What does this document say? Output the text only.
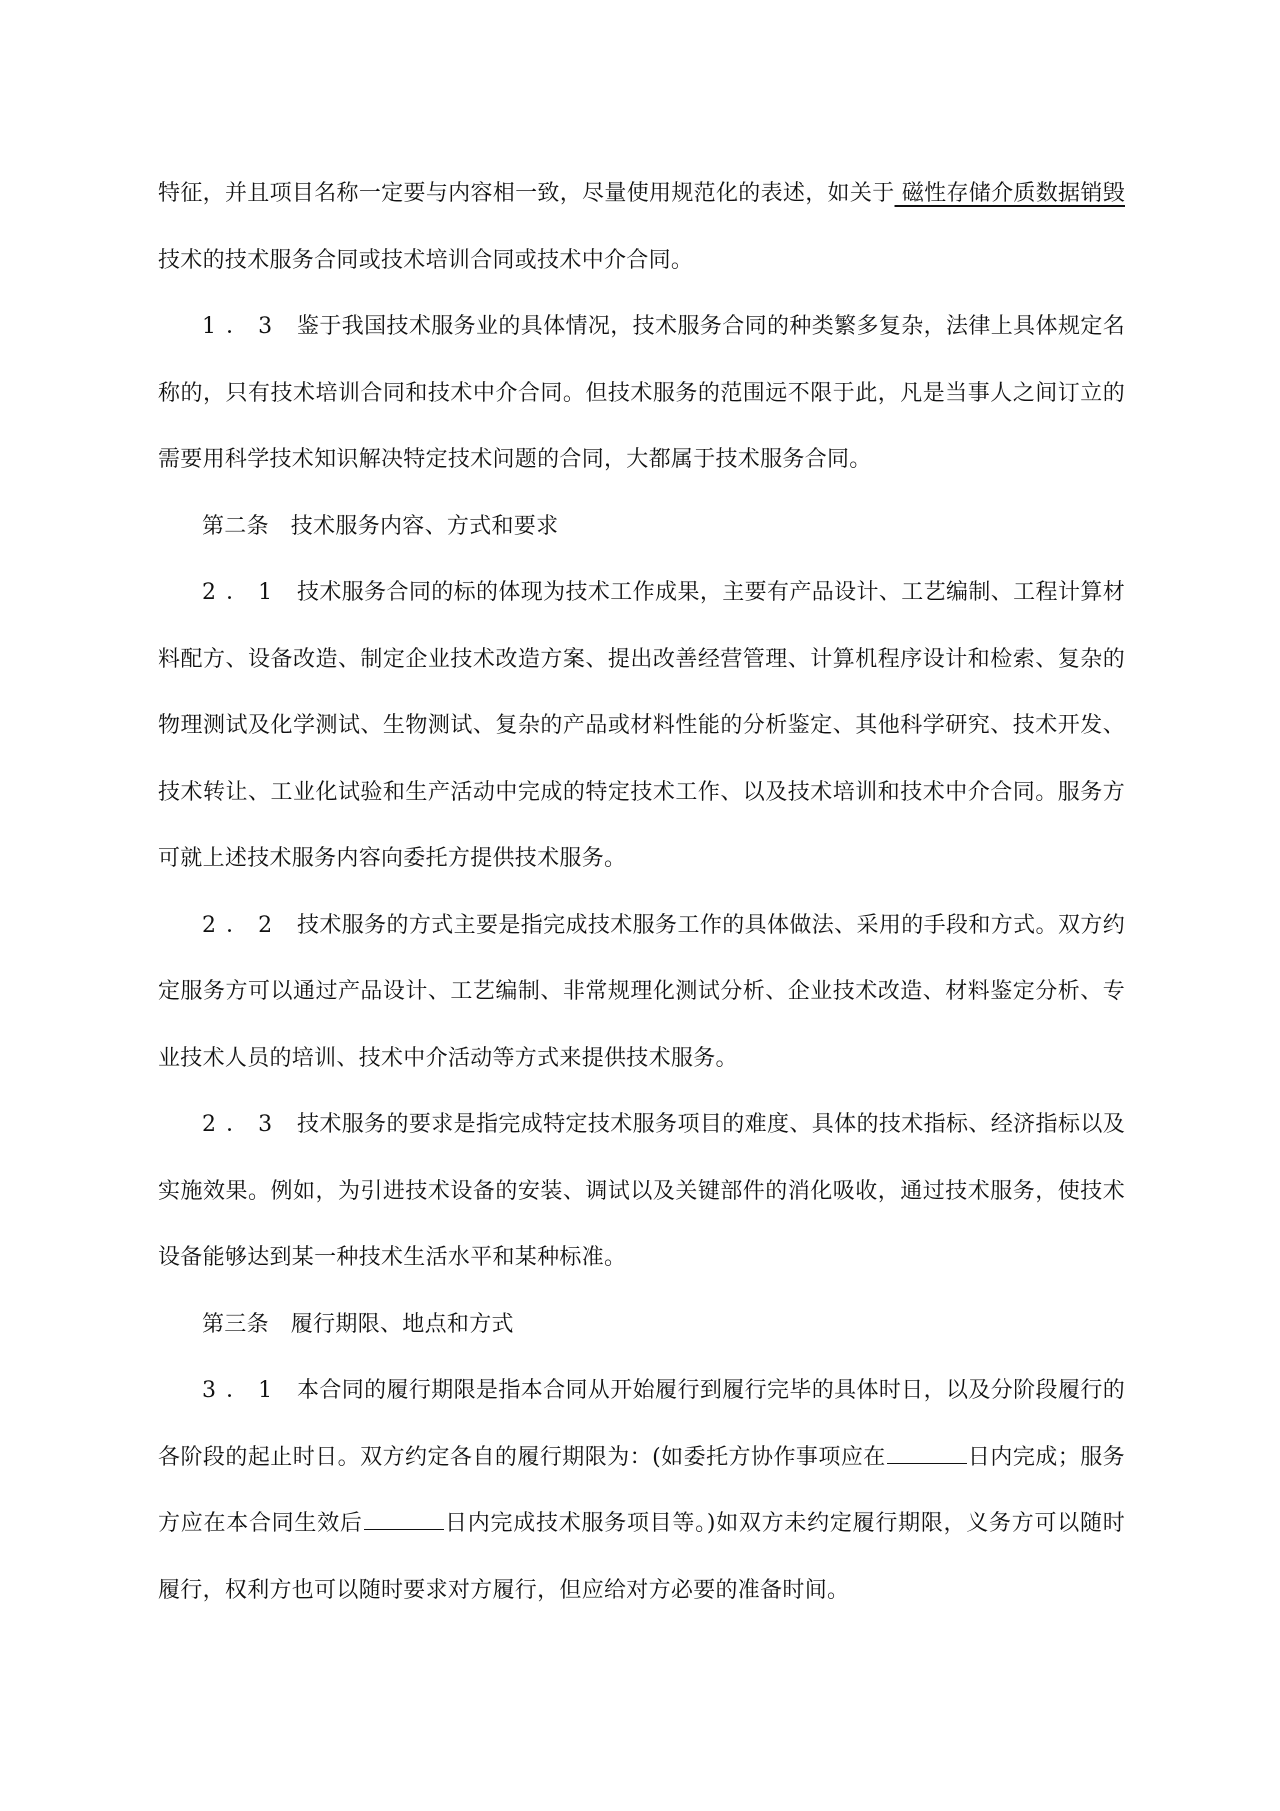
特征，并且项目名称一定要与内容相一致，尽量使用规范化的表述，如关于 磁性存储介质数据销毁 技术的技术服务合同或技术培训合同或技术中介合同。

1．3 鉴于我国技术服务业的具体情况，技术服务合同的种类繁多复杂，法律上具体规定名称的，只有技术培训合同和技术中介合同。但技术服务的范围远不限于此，凡是当事人之间订立的需要用科学技术知识解决特定技术问题的合同，大都属于技术服务合同。

第二条 技术服务内容、方式和要求

2．1 技术服务合同的标的体现为技术工作成果，主要有产品设计、工艺编制、工程计算材料配方、设备改造、制定企业技术改造方案、提出改善经营管理、计算机程序设计和检索、复杂的物理测试及化学测试、生物测试、复杂的产品或材料性能的分析鉴定、其他科学研究、技术开发、技术转让、工业化试验和生产活动中完成的特定技术工作、以及技术培训和技术中介合同。服务方可就上述技术服务内容向委托方提供技术服务。

2．2 技术服务的方式主要是指完成技术服务工作的具体做法、采用的手段和方式。双方约定服务方可以通过产品设计、工艺编制、非常规理化测试分析、企业技术改造、材料鉴定分析、专业技术人员的培训、技术中介活动等方式来提供技术服务。

2．3 技术服务的要求是指完成特定技术服务项目的难度、具体的技术指标、经济指标以及实施效果。例如，为引进技术设备的安装、调试以及关键部件的消化吸收，通过技术服务，使技术设备能够达到某一种技术生活水平和某种标准。

第三条 履行期限、地点和方式

3．1 本合同的履行期限是指本合同从开始履行到履行完毕的具体时日，以及分阶段履行的各阶段的起止时日。双方约定各自的履行期限为：(如委托方协作事项应在	日内完成；服务方应在本合同生效后	日内完成技术服务项目等。)如双方未约定履行期限，义务方可以随时履行，权利方也可以随时要求对方履行，但应给对方必要的准备时间。
